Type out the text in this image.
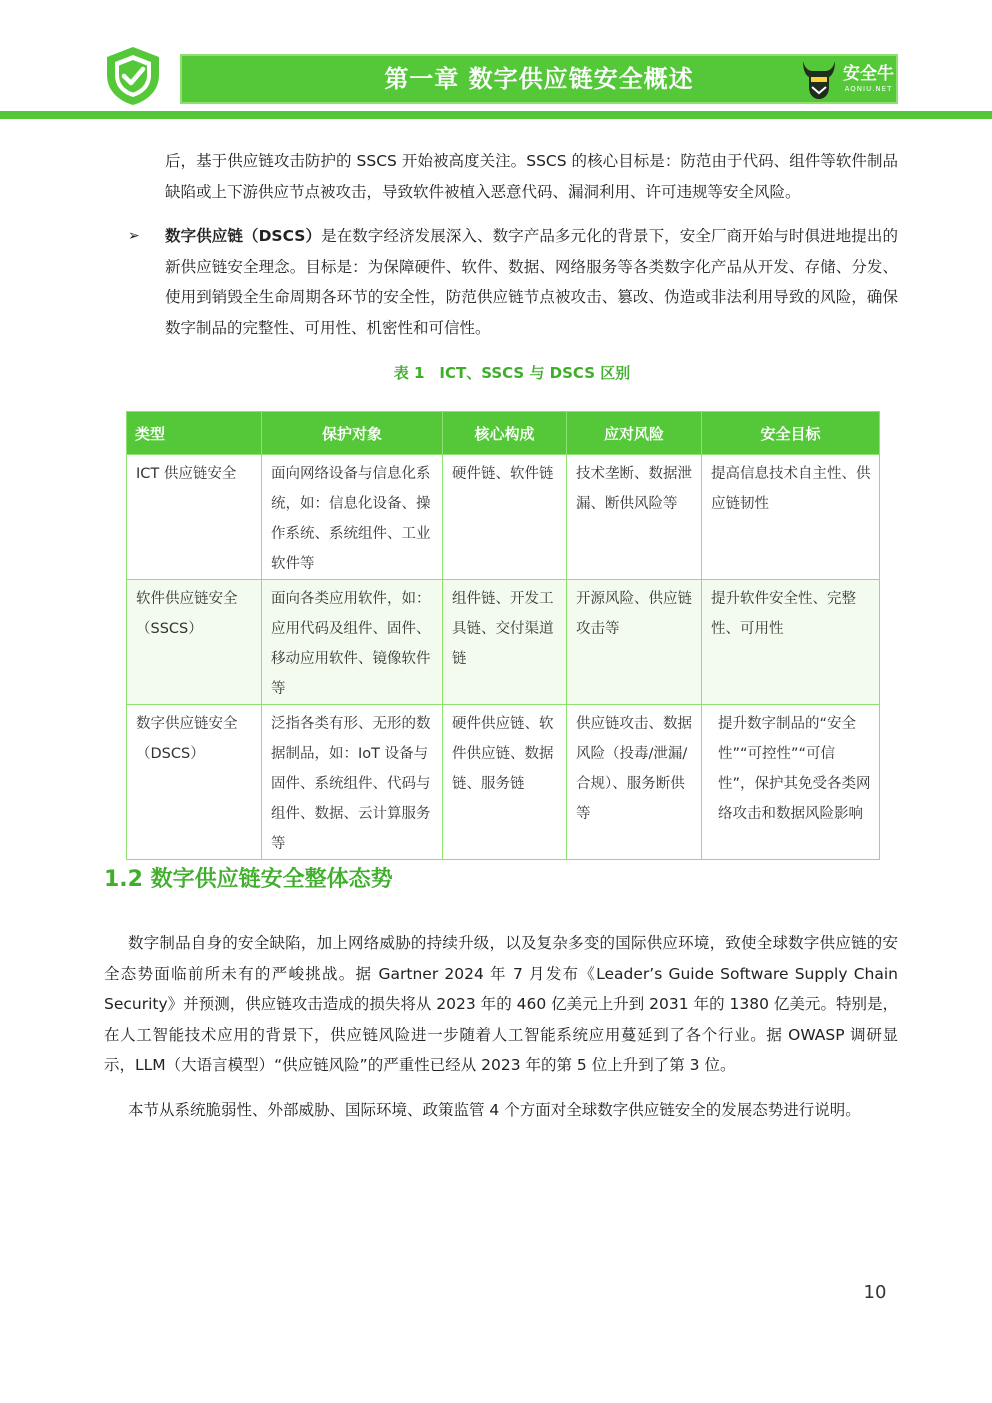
第一章 数字供应链安全概述	安全牛
AQNIU.NET

后，基于供应链攻击防护的 SSCS 开始被高度关注。SSCS 的核心目标是：防范由于代码、组件等软件制品缺陷或上下游供应节点被攻击，导致软件被植入恶意代码、漏洞利用、许可违规等安全风险。

➢ 数字供应链（DSCS）是在数字经济发展深入、数字产品多元化的背景下，安全厂商开始与时俱进地提出的新供应链安全理念。目标是：为保障硬件、软件、数据、网络服务等各类数字化产品从开发、存储、分发、使用到销毁全生命周期各环节的安全性，防范供应链节点被攻击、篡改、伪造或非法利用导致的风险，确保数字制品的完整性、可用性、机密性和可信性。

表 1　ICT、SSCS 与 DSCS 区别
类型	保护对象	核心构成	应对风险	安全目标
ICT 供应链安全	面向网络设备与信息化系统，如：信息化设备、操作系统、系统组件、工业软件等	硬件链、软件链	技术垄断、数据泄漏、断供风险等	提高信息技术自主性、供应链韧性
软件供应链安全（SSCS）	面向各类应用软件，如：应用代码及组件、固件、移动应用软件、镜像软件等	组件链、开发工具链、交付渠道链	开源风险、供应链攻击等	提升软件安全性、完整性、可用性
数字供应链安全（DSCS）	泛指各类有形、无形的数据制品，如：IoT 设备与固件、系统组件、代码与组件、数据、云计算服务等	硬件供应链、软件供应链、数据链、服务链	供应链攻击、数据风险（投毒/泄漏/合规）、服务断供等	提升数字制品的“安全性”“可控性”“可信性”，保护其免受各类网络攻击和数据风险影响
1.2 数字供应链安全整体态势

数字制品自身的安全缺陷，加上网络威胁的持续升级，以及复杂多变的国际供应环境，致使全球数字供应链的安全态势面临前所未有的严峻挑战。据 Gartner 2024 年 7 月发布《Leader’s Guide Software Supply Chain Security》并预测，供应链攻击造成的损失将从 2023 年的 460 亿美元上升到 2031 年的 1380 亿美元。特别是，在人工智能技术应用的背景下，供应链风险进一步随着人工智能系统应用蔓延到了各个行业。据 OWASP 调研显示，LLM（大语言模型）“供应链风险”的严重性已经从 2023 年的第 5 位上升到了第 3 位。

本节从系统脆弱性、外部威胁、国际环境、政策监管 4 个方面对全球数字供应链安全的发展态势进行说明。

10
